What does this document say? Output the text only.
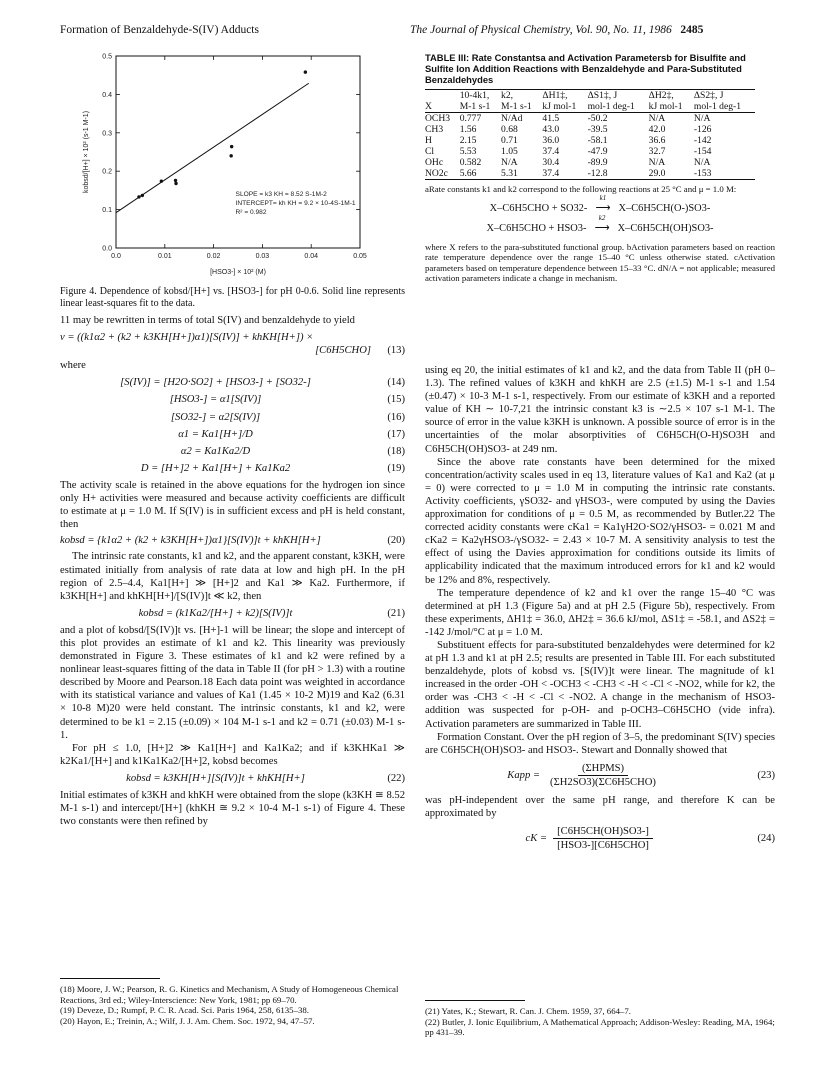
Formation of Benzaldehyde-S(IV) Adducts	The Journal of Physical Chemistry, Vol. 90, No. 11, 1986 2485
0.0	0.01	0.02	0.03	0.04	0.05
0.0
0.1
0.2
0.3
0.4
0.5
kobsd/[H+] × 10² (s-1 M-1)
[HSO3-] × 10² (M)
SLOPE = k3 KH = 8.52 S-1M-2
INTERCEPT= kh KH = 9.2 × 10-4S-1M-1
R² = 0.982
Figure 4. Dependence of kobsd/[H+] vs. [HSO3-] for pH 0-0.6. Solid line represents linear least-squares fit to the data.

11 may be rewritten in terms of total S(IV) and benzaldehyde to yield

ν = ((k1α2 + (k2 + k3KH[H+])α1)[S(IV)] + khKH[H+]) ×
[C6H5CHO]	(13)
where
[S(IV)] = [H2O·SO2] + [HSO3-] + [SO32-]	(14)
[HSO3-] = α1[S(IV)]	(15)
[SO32-] = α2[S(IV)]	(16)
α1 = Ka1[H+]/D	(17)
α2 = Ka1Ka2/D	(18)
D = [H+]2 + Ka1[H+] + Ka1Ka2	(19)

The activity scale is retained in the above equations for the hydrogen ion since only H+ activities were measured and because activity coefficients are difficult to estimate at μ = 1.0 M. If S(IV) is in sufficient excess and pH is held constant, then

kobsd = {k1α2 + (k2 + k3KH[H+])α1}[S(IV)]t + khKH[H+]	(20)

The intrinsic rate constants, k1 and k2, and the apparent constant, k3KH, were estimated initially from analysis of rate data at low and high pH. In the pH region of 2.5–4.4, Ka1[H+] ≫ [H+]2 and Ka1 ≫ Ka2. Furthermore, if k3KH[H+] and khKH[H+]/[S(IV)]t ≪ k2, then

kobsd = (k1Ka2/[H+] + k2)[S(IV)]t	(21)

and a plot of kobsd/[S(IV)]t vs. [H+]-1 will be linear; the slope and intercept of this plot provides an estimate of k1 and k2. This linearity was previously demonstrated in Figure 3. These estimates of k1 and k2 were refined by a nonlinear least-squares fitting of the data in Table II (for pH > 1.3) with a routine described by Moore and Pearson.18 Each data point was weighted in accordance with its statistical variance and values of Ka1 (1.45 × 10-2 M)19 and Ka2 (6.31 × 10-8 M)20 were held constant. The intrinsic constants, k1 and k2, were determined to be k1 = 2.15 (±0.09) × 104 M-1 s-1 and k2 = 0.71 (±0.03) M-1 s-1.

For pH ≤ 1.0, [H+]2 ≫ Ka1[H+] and Ka1Ka2; and if k3KHKa1 ≫ k2Ka1/[H+] and k1Ka1Ka2/[H+]2, kobsd becomes

kobsd = k3KH[H+][S(IV)]t + khKH[H+]	(22)

Initial estimates of k3KH and khKH were obtained from the slope (k3KH ≅ 8.52 M-1 s-1) and intercept/[H+] (khKH ≅ 9.2 × 10-4 M-1 s-1) of Figure 4. These two constants were then refined by

(18) Moore, J. W.; Pearson, R. G. Kinetics and Mechanism, A Study of Homogeneous Chemical Reactions, 3rd ed.; Wiley-Interscience: New York, 1981; pp 69–70.
(19) Deveze, D.; Rumpf, P. C. R. Acad. Sci. Paris 1964, 258, 6135–38.
(20) Hayon, E.; Treinin, A.; Wilf, J. J. Am. Chem. Soc. 1972, 94, 47–57.
TABLE III: Rate Constantsa and Activation Parametersb for Bisulfite and Sulfite Ion Addition Reactions with Benzaldehyde and Para-Substituted Benzaldehydes
	10-4k1,	k2,	ΔH1‡,	ΔS1‡, J	ΔH2‡,	ΔS2‡, J
X	M-1 s-1	M-1 s-1	kJ mol-1	mol-1 deg-1	kJ mol-1	mol-1 deg-1
OCH3	0.777	N/Ad	41.5	-50.2	N/A	N/A
CH3	1.56	0.68	43.0	-39.5	42.0	-126
H	2.15	0.71	36.0	-58.1	36.6	-142
Cl	5.53	1.05	37.4	-47.9	32.7	-154
OHc	0.582	N/A	30.4	-89.9	N/A	N/A
NO2c	5.66	5.31	37.4	-12.8	29.0	-153
aRate constants k1 and k2 correspond to the following reactions at 25 °C and μ = 1.0 M:
X–C6H5CHO + SO32-
k1
⟶ X–C6H5CH(O-)SO3-
X–C6H5CHO + HSO3-
k2
⟶ X–C6H5CH(OH)SO3-
where X refers to the para-substituted functional group. bActivation parameters based on reaction rate temperature dependence over the range 15–40 °C unless otherwise stated. cActivation parameters based on temperature dependence between 15–33 °C. dN/A = not applicable; measured activation parameters indicate a change in mechanism.

using eq 20, the initial estimates of k1 and k2, and the data from Table II (pH 0–1.3). The refined values of k3KH and khKH are 2.5 (±1.5) M-1 s-1 and 1.54 (±0.47) × 10-3 M-1 s-1, respectively. From our estimate of k3KH and a reported value of KH ∼ 10-7,21 the intrinsic constant k3 is ∼2.5 × 107 s-1 M-1. The source of error in the value k3KH is unknown. A possible source of error is in the uncertainties of the molar absorptivities of C6H5CH(O-H)SO3H and C6H5CH(OH)SO3- at 249 nm.

Since the above rate constants have been determined for the mixed concentration/activity scales used in eq 13, literature values of Ka1 and Ka2 (at μ = 0) were corrected to μ = 1.0 M in computing the intrinsic rate constants. Activity coefficients, γSO32- and γHSO3-, were computed by using the Davies approximation for conditions of μ = 0.5 M, as recommended by Butler.22 The corrected acidity constants were cKa1 = Ka1γH2O·SO2/γHSO3- = 0.021 M and cKa2 = Ka2γHSO3-/γSO32- = 2.43 × 10-7 M. A sensitivity analysis to test the effect of using the Davies approximation for conditions outside its limits of applicability indicated that the maximum introduced errors for k1 and k2 would be 12% and 8%, respectively.

The temperature dependence of k2 and k1 over the range 15–40 °C was determined at pH 1.3 (Figure 5a) and at pH 2.5 (Figure 5b), respectively. From these experiments, ΔH1‡ = 36.0, ΔH2‡ = 36.6 kJ/mol, ΔS1‡ = -58.1, and ΔS2‡ = -142 J/mol/°C at μ = 1.0 M.

Substituent effects for para-substituted benzaldehydes were determined for k2 at pH 1.3 and k1 at pH 2.5; results are presented in Table III. For each substituted benzaldehyde, plots of kobsd vs. [S(IV)]t were linear. The magnitude of k1 increased in the order -OH < -OCH3 < -CH3 < -H < -Cl < -NO2, while for k2, the order was -CH3 < -H < -Cl < -NO2. A change in the mechanism of HSO3- addition was suspected for p-OH- and p-OCH3–C6H5CHO (vide infra). Activation parameters are summarized in Table III.

Formation Constant. Over the pH region of 3–5, the predominant S(IV) species are C6H5CH(OH)SO3- and HSO3-. Stewart and Donnally showed that

Kapp =
(ΣHPMS)
(ΣH2SO3)(ΣC6H5CHO)
(23)

was pH-independent over the same pH range, and therefore K can be approximated by

cK =
[C6H5CH(OH)SO3-]
[HSO3-][C6H5CHO]
(24)
(21) Yates, K.; Stewart, R. Can. J. Chem. 1959, 37, 664–7.
(22) Butler, J. Ionic Equilibrium, A Mathematical Approach; Addison-Wesley: Reading, MA, 1964; pp 431–39.
